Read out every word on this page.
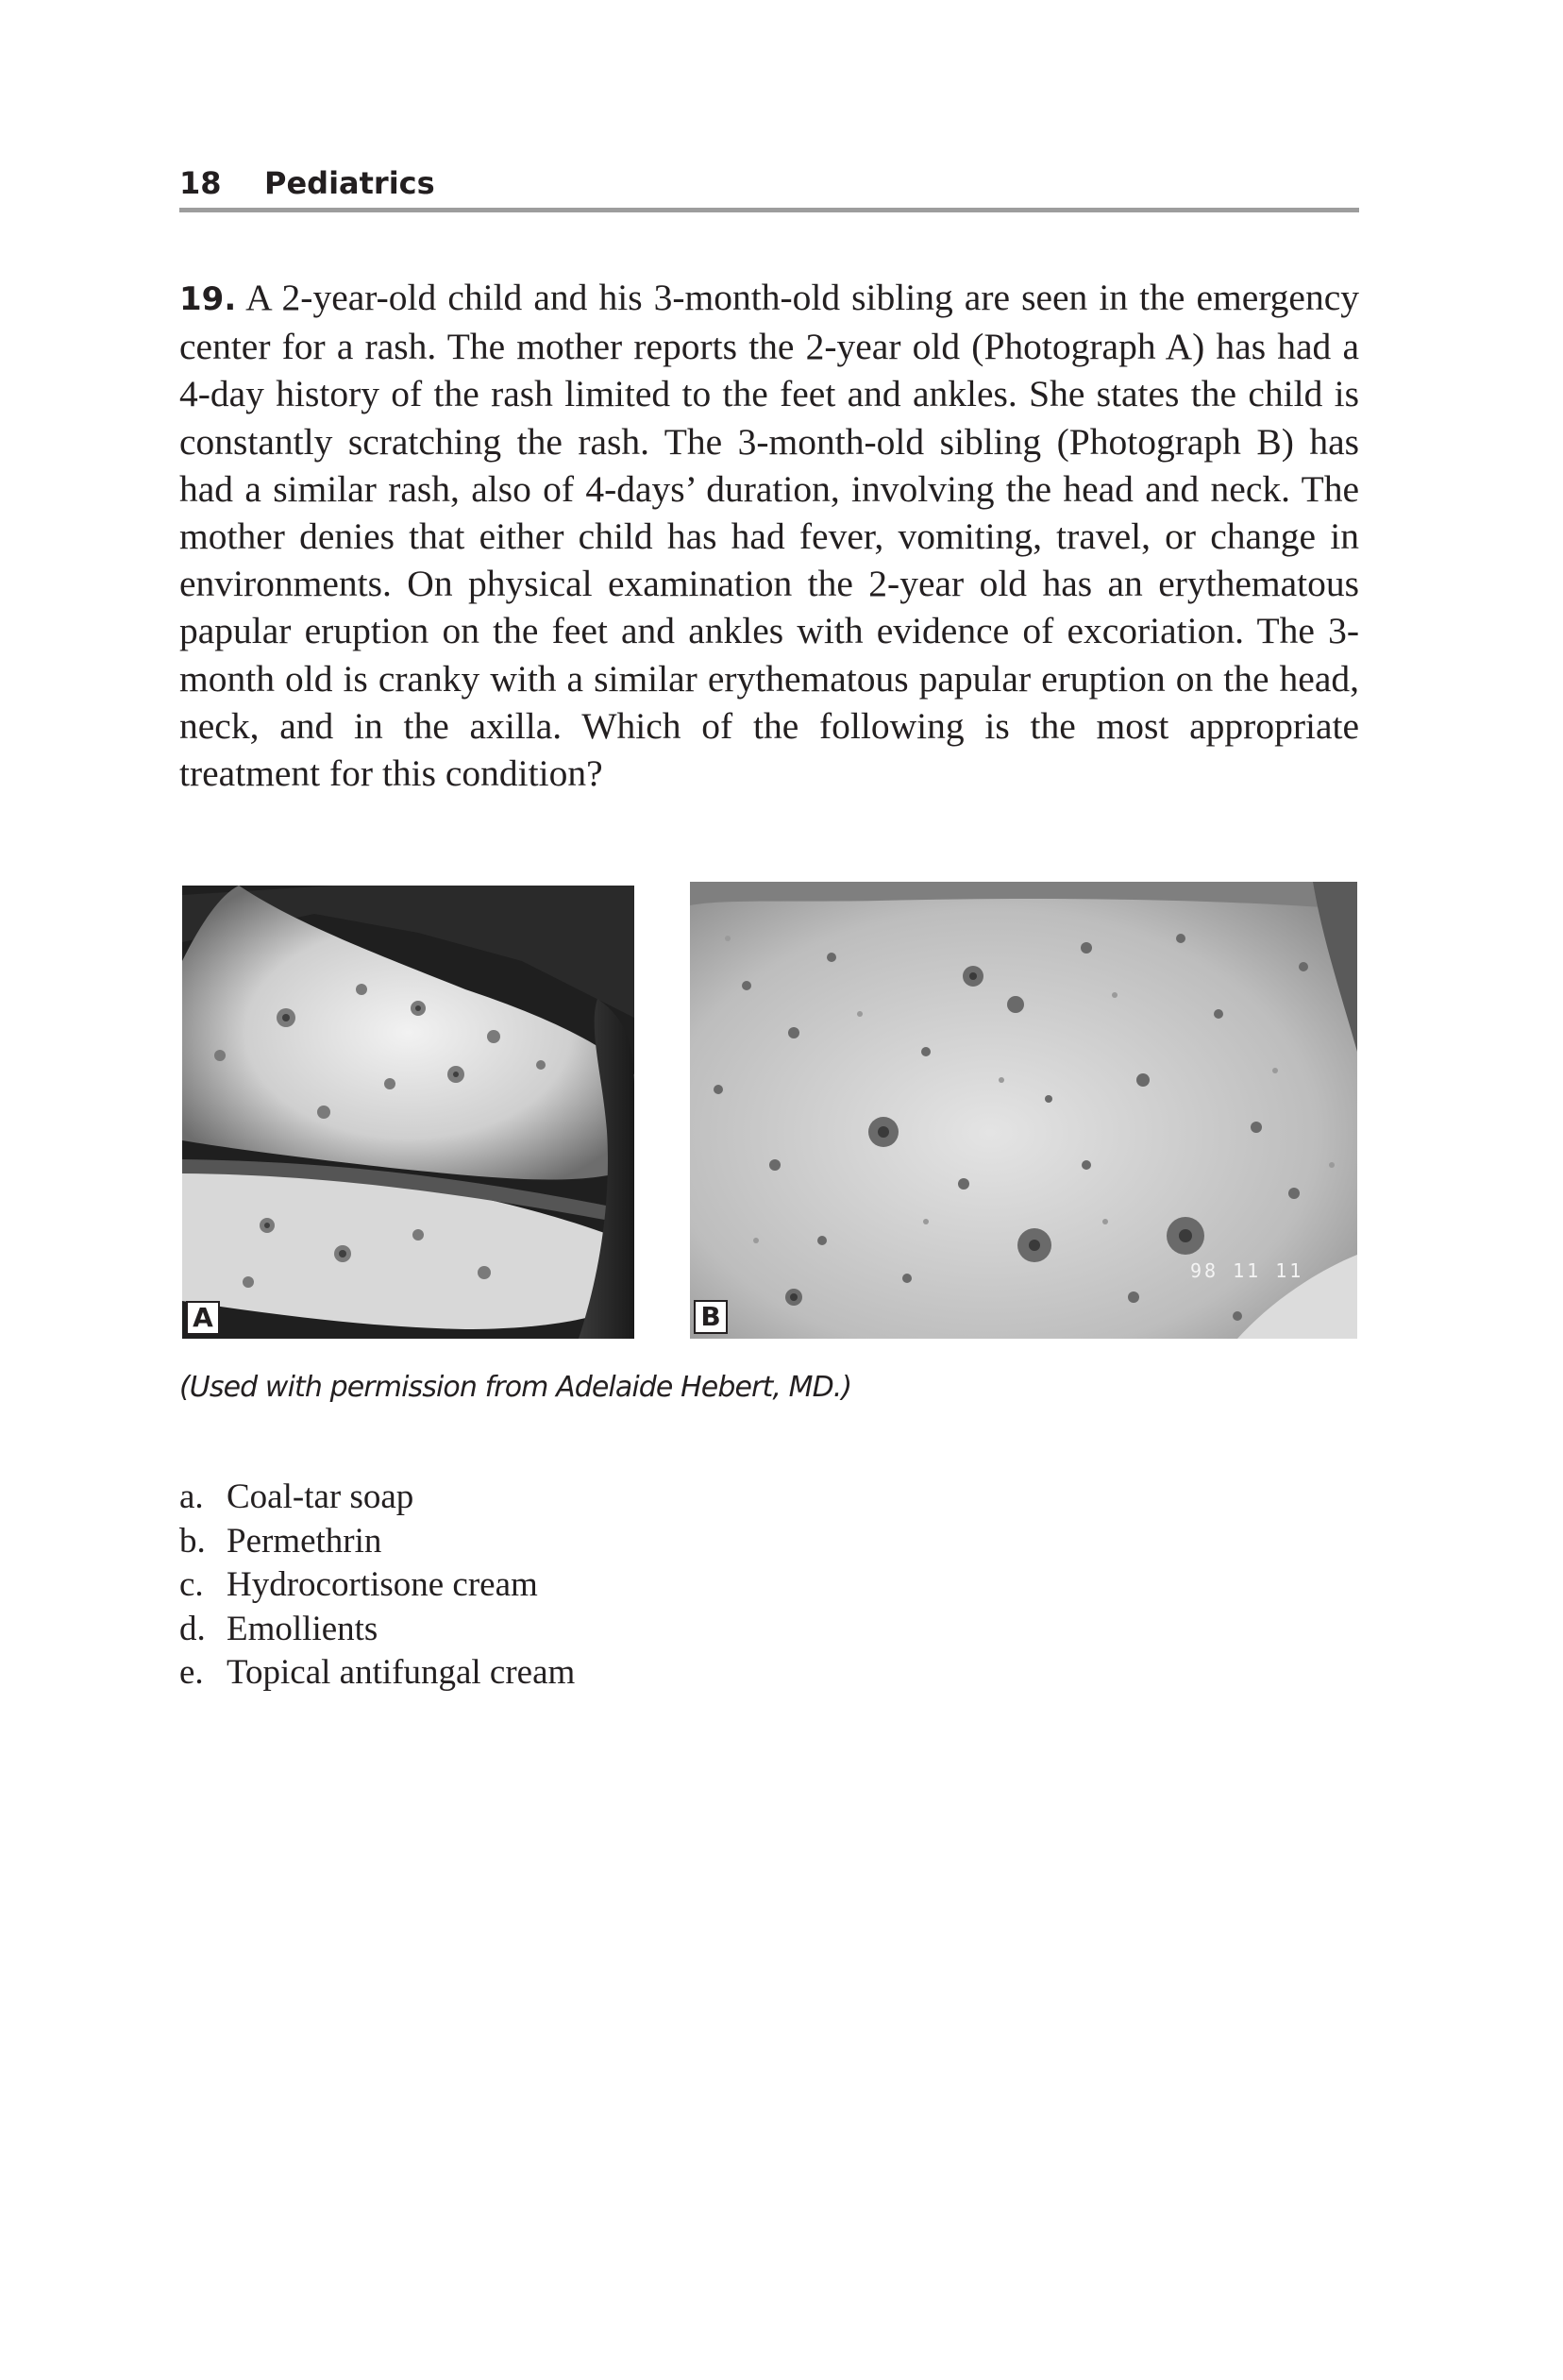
18 Pediatrics

19. A 2-year-old child and his 3-month-old sibling are seen in the emergency center for a rash. The mother reports the 2-year old (Photograph A) has had a 4-day history of the rash limited to the feet and ankles. She states the child is constantly scratching the rash. The 3-month-old sibling (Photograph B) has had a similar rash, also of 4-days’ duration, involving the head and neck. The mother denies that either child has had fever, vomiting, travel, or change in environments. On physical examination the 2-year old has an erythematous papular eruption on the feet and ankles with evidence of excoriation. The 3-month old is cranky with a similar erythematous papular eruption on the head, neck, and in the axilla. Which of the following is the most appropriate treatment for this condition?

A
98 11 11
B
(Used with permission from Adelaide Hebert, MD.)
a. Coal-tar soap
b. Permethrin
c. Hydrocortisone cream
d. Emollients
e. Topical antifungal cream
